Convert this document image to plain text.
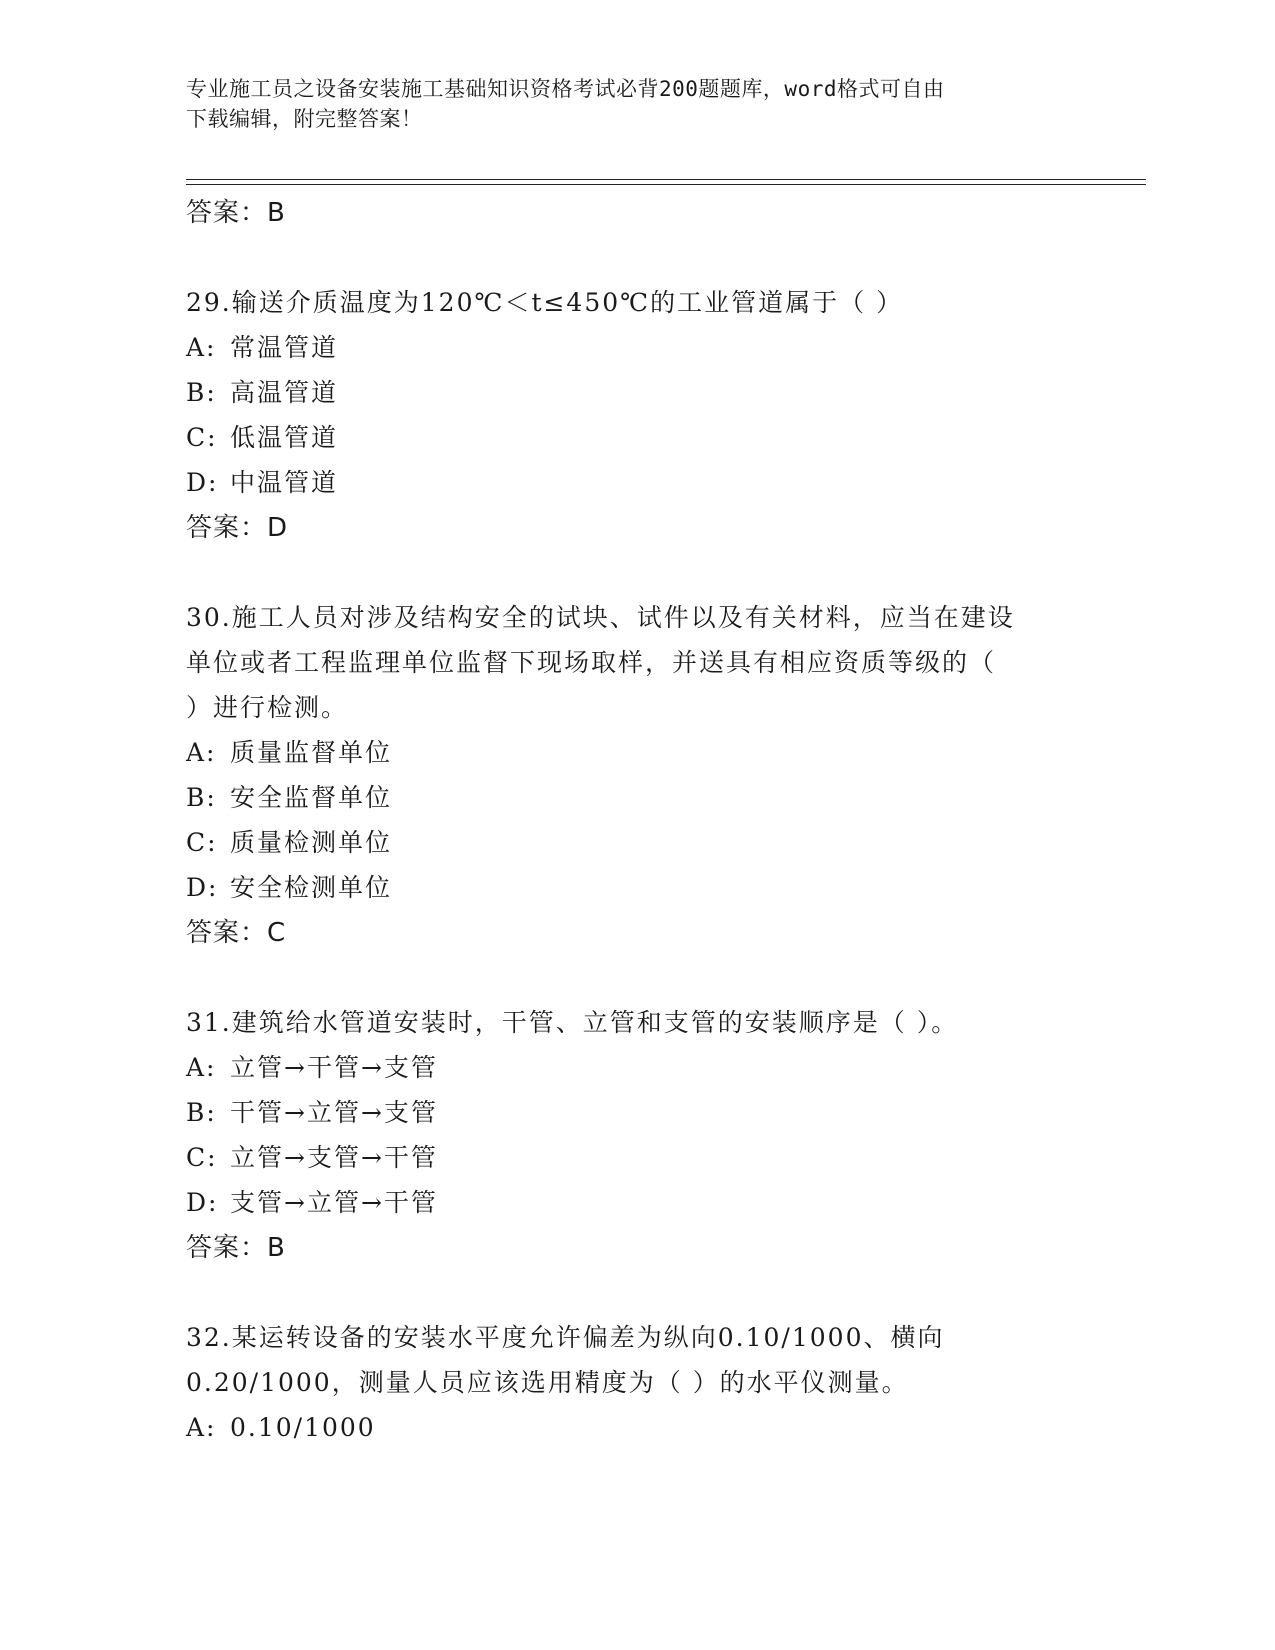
专业施工员之设备安装施工基础知识资格考试必背200题题库，word格式可自由
下载编辑，附完整答案！
答案：B
29.输送介质温度为120℃＜t≤450℃的工业管道属于（ ）
A: 常温管道
B: 高温管道
C: 低温管道
D: 中温管道
答案：D
30.施工人员对涉及结构安全的试块、试件以及有关材料，应当在建设
单位或者工程监理单位监督下现场取样，并送具有相应资质等级的（
）进行检测。
A: 质量监督单位
B: 安全监督单位
C: 质量检测单位
D: 安全检测单位
答案：C
31.建筑给水管道安装时，干管、立管和支管的安装顺序是（ ）。
A: 立管→干管→支管
B: 干管→立管→支管
C: 立管→支管→干管
D: 支管→立管→干管
答案：B
32.某运转设备的安装水平度允许偏差为纵向0.10/1000、横向
0.20/1000，测量人员应该选用精度为（ ）的水平仪测量。
A: 0.10/1000
